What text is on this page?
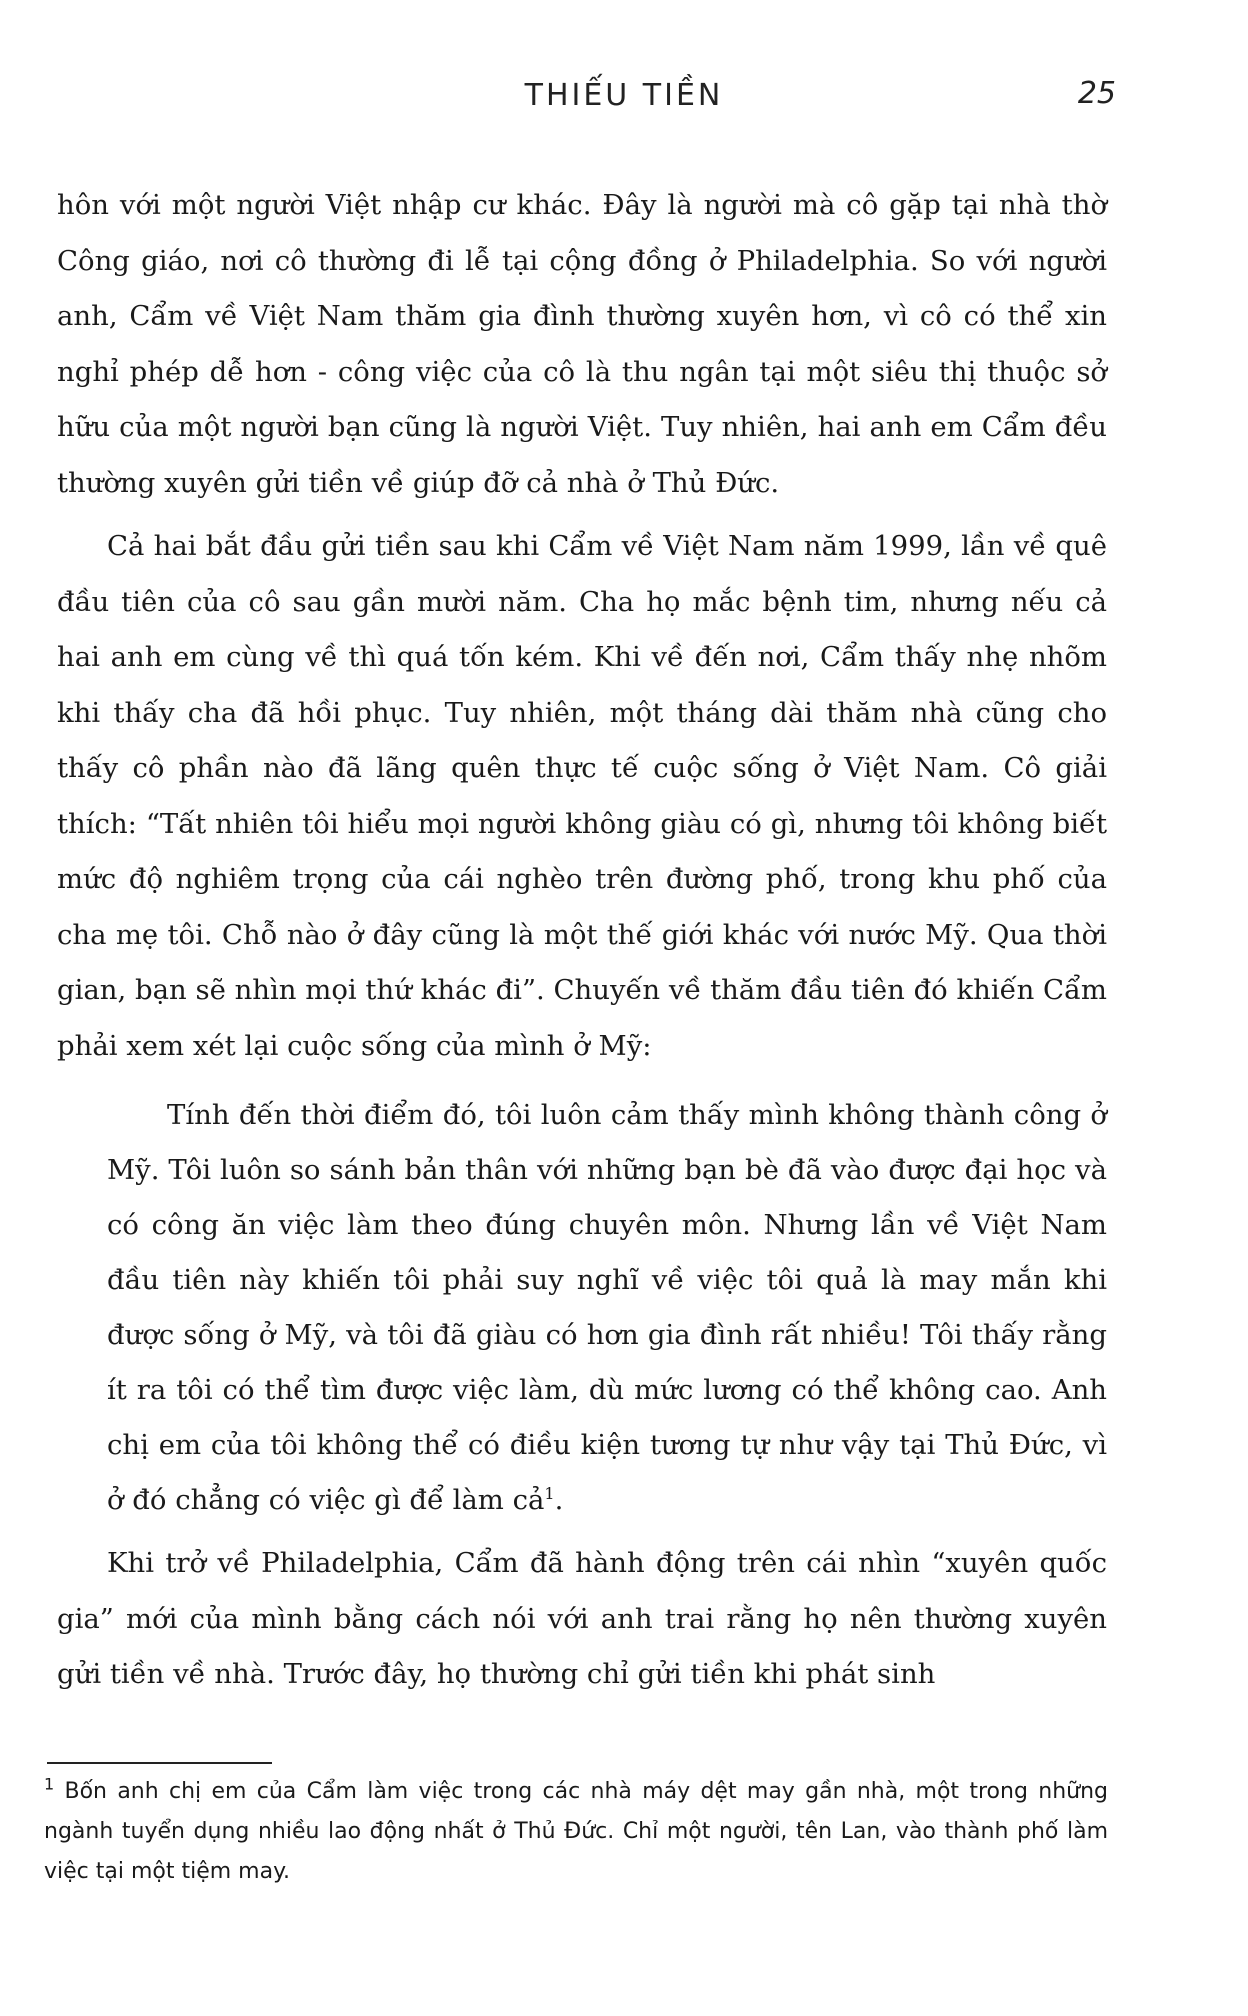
THIẾU TIỀN	25

hôn với một người Việt nhập cư khác. Đây là người mà cô gặp tại nhà thờ Công giáo, nơi cô thường đi lễ tại cộng đồng ở Philadelphia. So với người anh, Cẩm về Việt Nam thăm gia đình thường xuyên hơn, vì cô có thể xin nghỉ phép dễ hơn - công việc của cô là thu ngân tại một siêu thị thuộc sở hữu của một người bạn cũng là người Việt. Tuy nhiên, hai anh em Cẩm đều thường xuyên gửi tiền về giúp đỡ cả nhà ở Thủ Đức.

Cả hai bắt đầu gửi tiền sau khi Cẩm về Việt Nam năm 1999, lần về quê đầu tiên của cô sau gần mười năm. Cha họ mắc bệnh tim, nhưng nếu cả hai anh em cùng về thì quá tốn kém. Khi về đến nơi, Cẩm thấy nhẹ nhõm khi thấy cha đã hồi phục. Tuy nhiên, một tháng dài thăm nhà cũng cho thấy cô phần nào đã lãng quên thực tế cuộc sống ở Việt Nam. Cô giải thích: “Tất nhiên tôi hiểu mọi người không giàu có gì, nhưng tôi không biết mức độ nghiêm trọng của cái nghèo trên đường phố, trong khu phố của cha mẹ tôi. Chỗ nào ở đây cũng là một thế giới khác với nước Mỹ. Qua thời gian, bạn sẽ nhìn mọi thứ khác đi”. Chuyến về thăm đầu tiên đó khiến Cẩm phải xem xét lại cuộc sống của mình ở Mỹ:

Tính đến thời điểm đó, tôi luôn cảm thấy mình không thành công ở Mỹ. Tôi luôn so sánh bản thân với những bạn bè đã vào được đại học và có công ăn việc làm theo đúng chuyên môn. Nhưng lần về Việt Nam đầu tiên này khiến tôi phải suy nghĩ về việc tôi quả là may mắn khi được sống ở Mỹ, và tôi đã giàu có hơn gia đình rất nhiều! Tôi thấy rằng ít ra tôi có thể tìm được việc làm, dù mức lương có thể không cao. Anh chị em của tôi không thể có điều kiện tương tự như vậy tại Thủ Đức, vì ở đó chẳng có việc gì để làm cả$^1$.

Khi trở về Philadelphia, Cẩm đã hành động trên cái nhìn “xuyên quốc gia” mới của mình bằng cách nói với anh trai rằng họ nên thường xuyên gửi tiền về nhà. Trước đây, họ thường chỉ gửi tiền khi phát sinh

$^1$ Bốn anh chị em của Cẩm làm việc trong các nhà máy dệt may gần nhà, một trong những ngành tuyển dụng nhiều lao động nhất ở Thủ Đức. Chỉ một người, tên Lan, vào thành phố làm việc tại một tiệm may.
